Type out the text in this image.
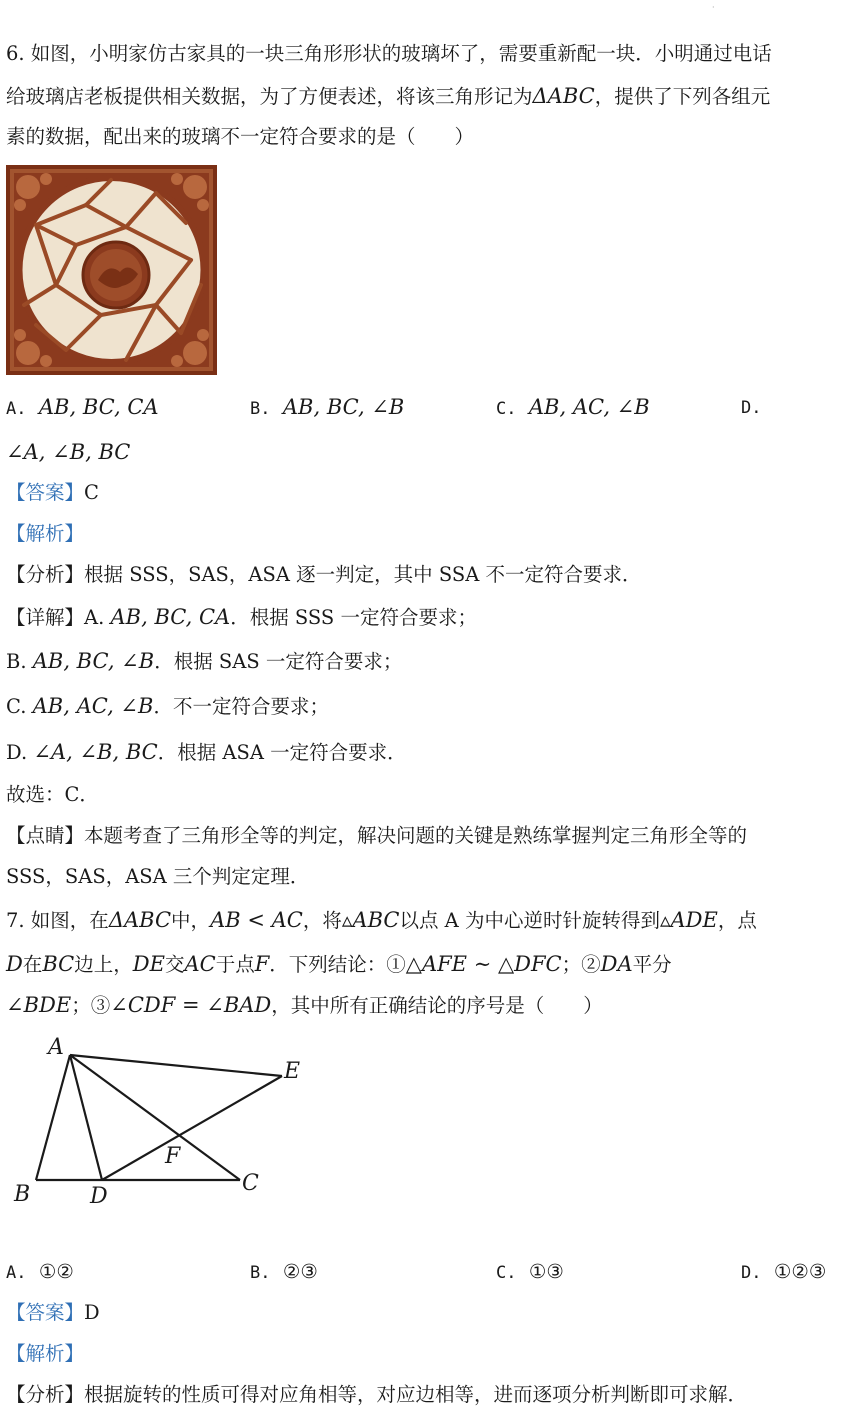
·
6. 如图，小明家仿古家具的一块三角形形状的玻璃坏了，需要重新配一块．小明通过电话
给玻璃店老板提供相关数据，为了方便表述，将该三角形记为ΔABC，提供了下列各组元
素的数据，配出来的玻璃不一定符合要求的是（　　）
A. AB, BC, CA	B. AB, BC, ∠B	C. AB, AC, ∠B	D.
∠A, ∠B, BC
【答案】C
【解析】
【分析】根据 SSS，SAS，ASA 逐一判定，其中 SSA 不一定符合要求．
【详解】A. AB, BC, CA．根据 SSS 一定符合要求；
B. AB, BC, ∠B．根据 SAS 一定符合要求；
C. AB, AC, ∠B．不一定符合要求；
D. ∠A, ∠B, BC．根据 ASA 一定符合要求．
故选：C．
【点睛】本题考查了三角形全等的判定，解决问题的关键是熟练掌握判定三角形全等的
SSS，SAS，ASA 三个判定定理．
7. 如图，在ΔABC中，AB < AC，将▵ABC以点 A 为中心逆时针旋转得到▵ADE，点
D在BC边上，DE交AC于点F．下列结论：①△AFE ∼ △DFC；②DA平分
∠BDE；③∠CDF = ∠BAD，其中所有正确结论的序号是（　　）
A
B	C
D
E
F
A. ①②	B. ②③	C. ①③	D. ①②③
【答案】D
【解析】
【分析】根据旋转的性质可得对应角相等，对应边相等，进而逐项分析判断即可求解．
